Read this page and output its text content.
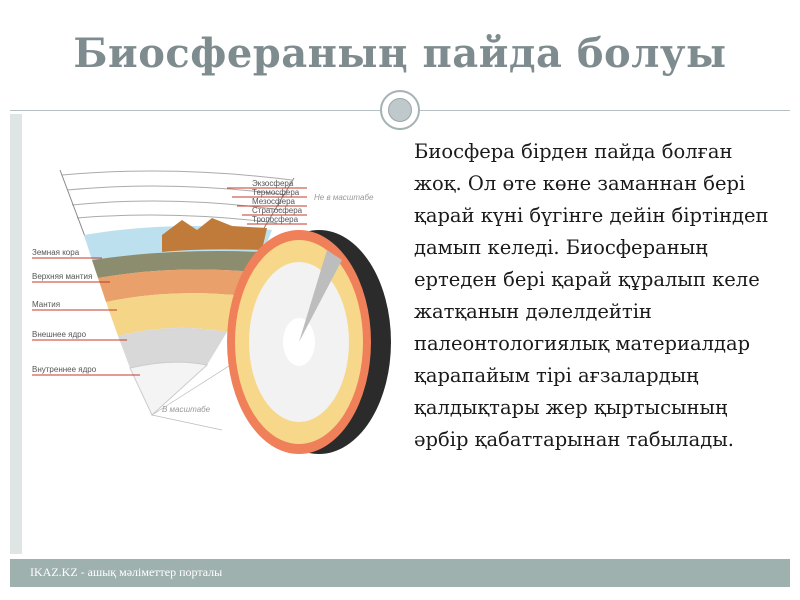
Биосфераның пайда болуы
Экзосфера
Термосфера
Мезосфера
Стратосфера
Тропосфера
Не в масштабе
Земная кора
Верхняя мантия
Мантия
Внешнее ядро
Внутреннее ядро
В масштабе
Биосфера бірден пайда болған жоқ. Ол өте көне заманнан бері қарай күні бүгінге дейін біртіндеп дамып келеді. Биосфераның ертеден бері қарай құралып келе жатқанын дәлелдейтін палеонтологиялық материалдар қарапайым тірі ағзалардың қалдықтары жер қыртысының әрбір қабаттарынан табылады.
IKAZ.KZ - ашық мәліметтер порталы
